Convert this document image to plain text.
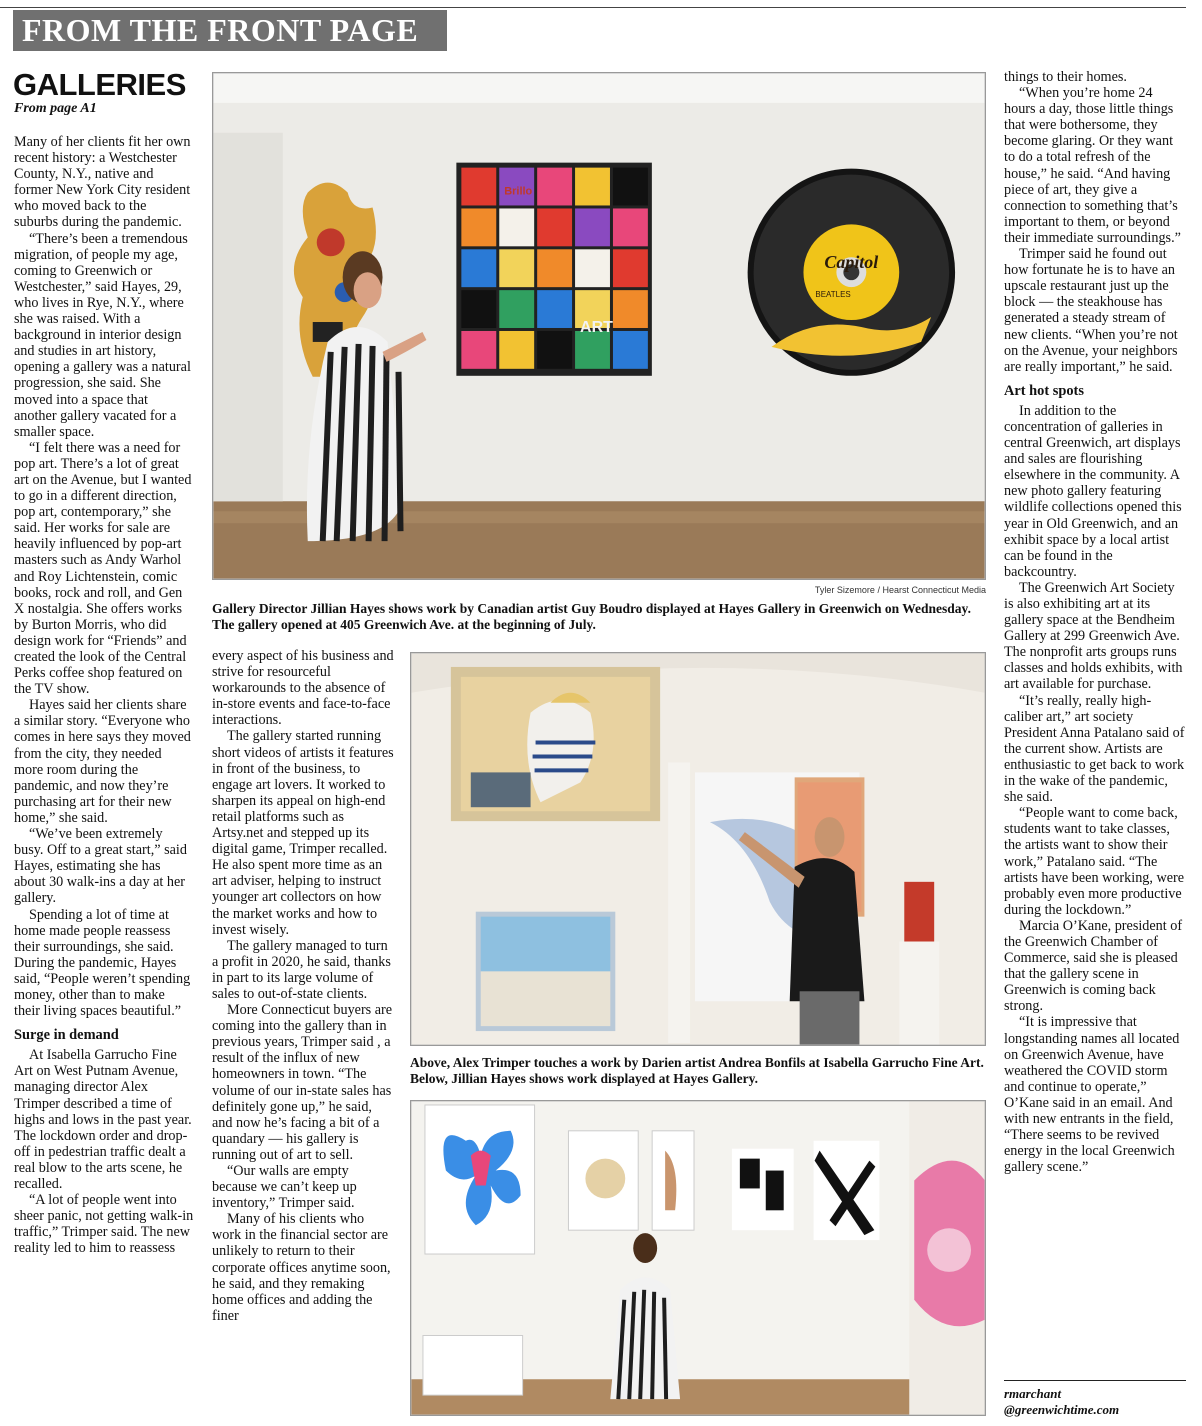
FROM THE FRONT PAGE
GALLERIES
From page A1

Many of her clients fit her own recent history: a Westchester County, N.Y., native and former New York City resident who moved back to the suburbs during the pandemic.

“There’s been a tremendous migration, of people my age, coming to Greenwich or Westchester,” said Hayes, 29, who lives in Rye, N.Y., where she was raised. With a background in interior design and studies in art history, opening a gallery was a natural progression, she said. She moved into a space that another gallery vacated for a smaller space.

“I felt there was a need for pop art. There’s a lot of great art on the Avenue, but I wanted to go in a different direction, pop art, contemporary,” she said. Her works for sale are heavily influenced by pop-art masters such as Andy Warhol and Roy Lichtenstein, comic books, rock and roll, and Gen X nostalgia. She offers works by Burton Morris, who did design work for “Friends” and created the look of the Central Perks coffee shop featured on the TV show.

Hayes said her clients share a similar story. “Everyone who comes in here says they moved from the city, they needed more room during the pandemic, and now they’re purchasing art for their new home,” she said.

“We’ve been extremely busy. Off to a great start,” said Hayes, estimating she has about 30 walk-ins a day at her gallery.

Spending a lot of time at home made people reassess their surroundings, she said. During the pandemic, Hayes said, “People weren’t spending money, other than to make their living spaces beautiful.”

Surge in demand

At Isabella Garrucho Fine Art on West Putnam Avenue, managing director Alex Trimper described a time of highs and lows in the past year. The lockdown order and drop-off in pedestrian traffic dealt a real blow to the arts scene, he recalled.

“A lot of people went into sheer panic, not getting walk-in traffic,” Trimper said. The new reality led to him to reassess

Brillo
ART
Capitol
BEATLES
Tyler Sizemore / Hearst Connecticut Media
Gallery Director Jillian Hayes shows work by Canadian artist Guy Boudro displayed at Hayes Gallery in Greenwich on Wednesday. The gallery opened at 405 Greenwich Ave. at the beginning of July.

every aspect of his business and strive for resourceful workarounds to the absence of in-store events and face-to-face interactions.

The gallery started running short videos of artists it features in front of the business, to engage art lovers. It worked to sharpen its appeal on high-end retail platforms such as Artsy.net and stepped up its digital game, Trimper recalled. He also spent more time as an art adviser, helping to instruct younger art collectors on how the market works and how to invest wisely.

The gallery managed to turn a profit in 2020, he said, thanks in part to its large volume of sales to out-of-state clients.

More Connecticut buyers are coming into the gallery than in previous years, Trimper said , a result of the influx of new homeowners in town. “The volume of our in-state sales has definitely gone up,” he said, and now he’s facing a bit of a quandary — his gallery is running out of art to sell.

“Our walls are empty because we can’t keep up inventory,” Trimper said.

Many of his clients who work in the financial sector are unlikely to return to their corporate offices anytime soon, he said, and they remaking home offices and adding the finer

Above, Alex Trimper touches a work by Darien artist Andrea Bonfils at Isabella Garrucho Fine Art. Below, Jillian Hayes shows work displayed at Hayes Gallery.

things to their homes.

“When you’re home 24 hours a day, those little things that were bothersome, they become glaring. Or they want to do a total refresh of the house,” he said. “And having piece of art, they give a connection to something that’s important to them, or beyond their immediate surroundings.”

Trimper said he found out how fortunate he is to have an upscale restaurant just up the block — the steakhouse has generated a steady stream of new clients. “When you’re not on the Avenue, your neighbors are really important,” he said.

Art hot spots

In addition to the concentration of galleries in central Greenwich, art displays and sales are flourishing elsewhere in the community. A new photo gallery featuring wildlife collections opened this year in Old Greenwich, and an exhibit space by a local artist can be found in the backcountry.

The Greenwich Art Society is also exhibiting art at its gallery space at the Bendheim Gallery at 299 Greenwich Ave. The nonprofit arts groups runs classes and holds exhibits, with art available for purchase.

“It’s really, really high-caliber art,” art society President Anna Patalano said of the current show. Artists are enthusiastic to get back to work in the wake of the pandemic, she said.

“People want to come back, students want to take classes, the artists want to show their work,” Patalano said. “The artists have been working, were probably even more productive during the lockdown.”

Marcia O’Kane, president of the Greenwich Chamber of Commerce, said she is pleased that the gallery scene in Greenwich is coming back strong.

“It is impressive that longstanding names all located on Greenwich Avenue, have weathered the COVID storm and continue to operate,” O’Kane said in an email. And with new entrants in the field, “There seems to be revived energy in the local Greenwich gallery scene.”

rmarchant
@greenwichtime.com
